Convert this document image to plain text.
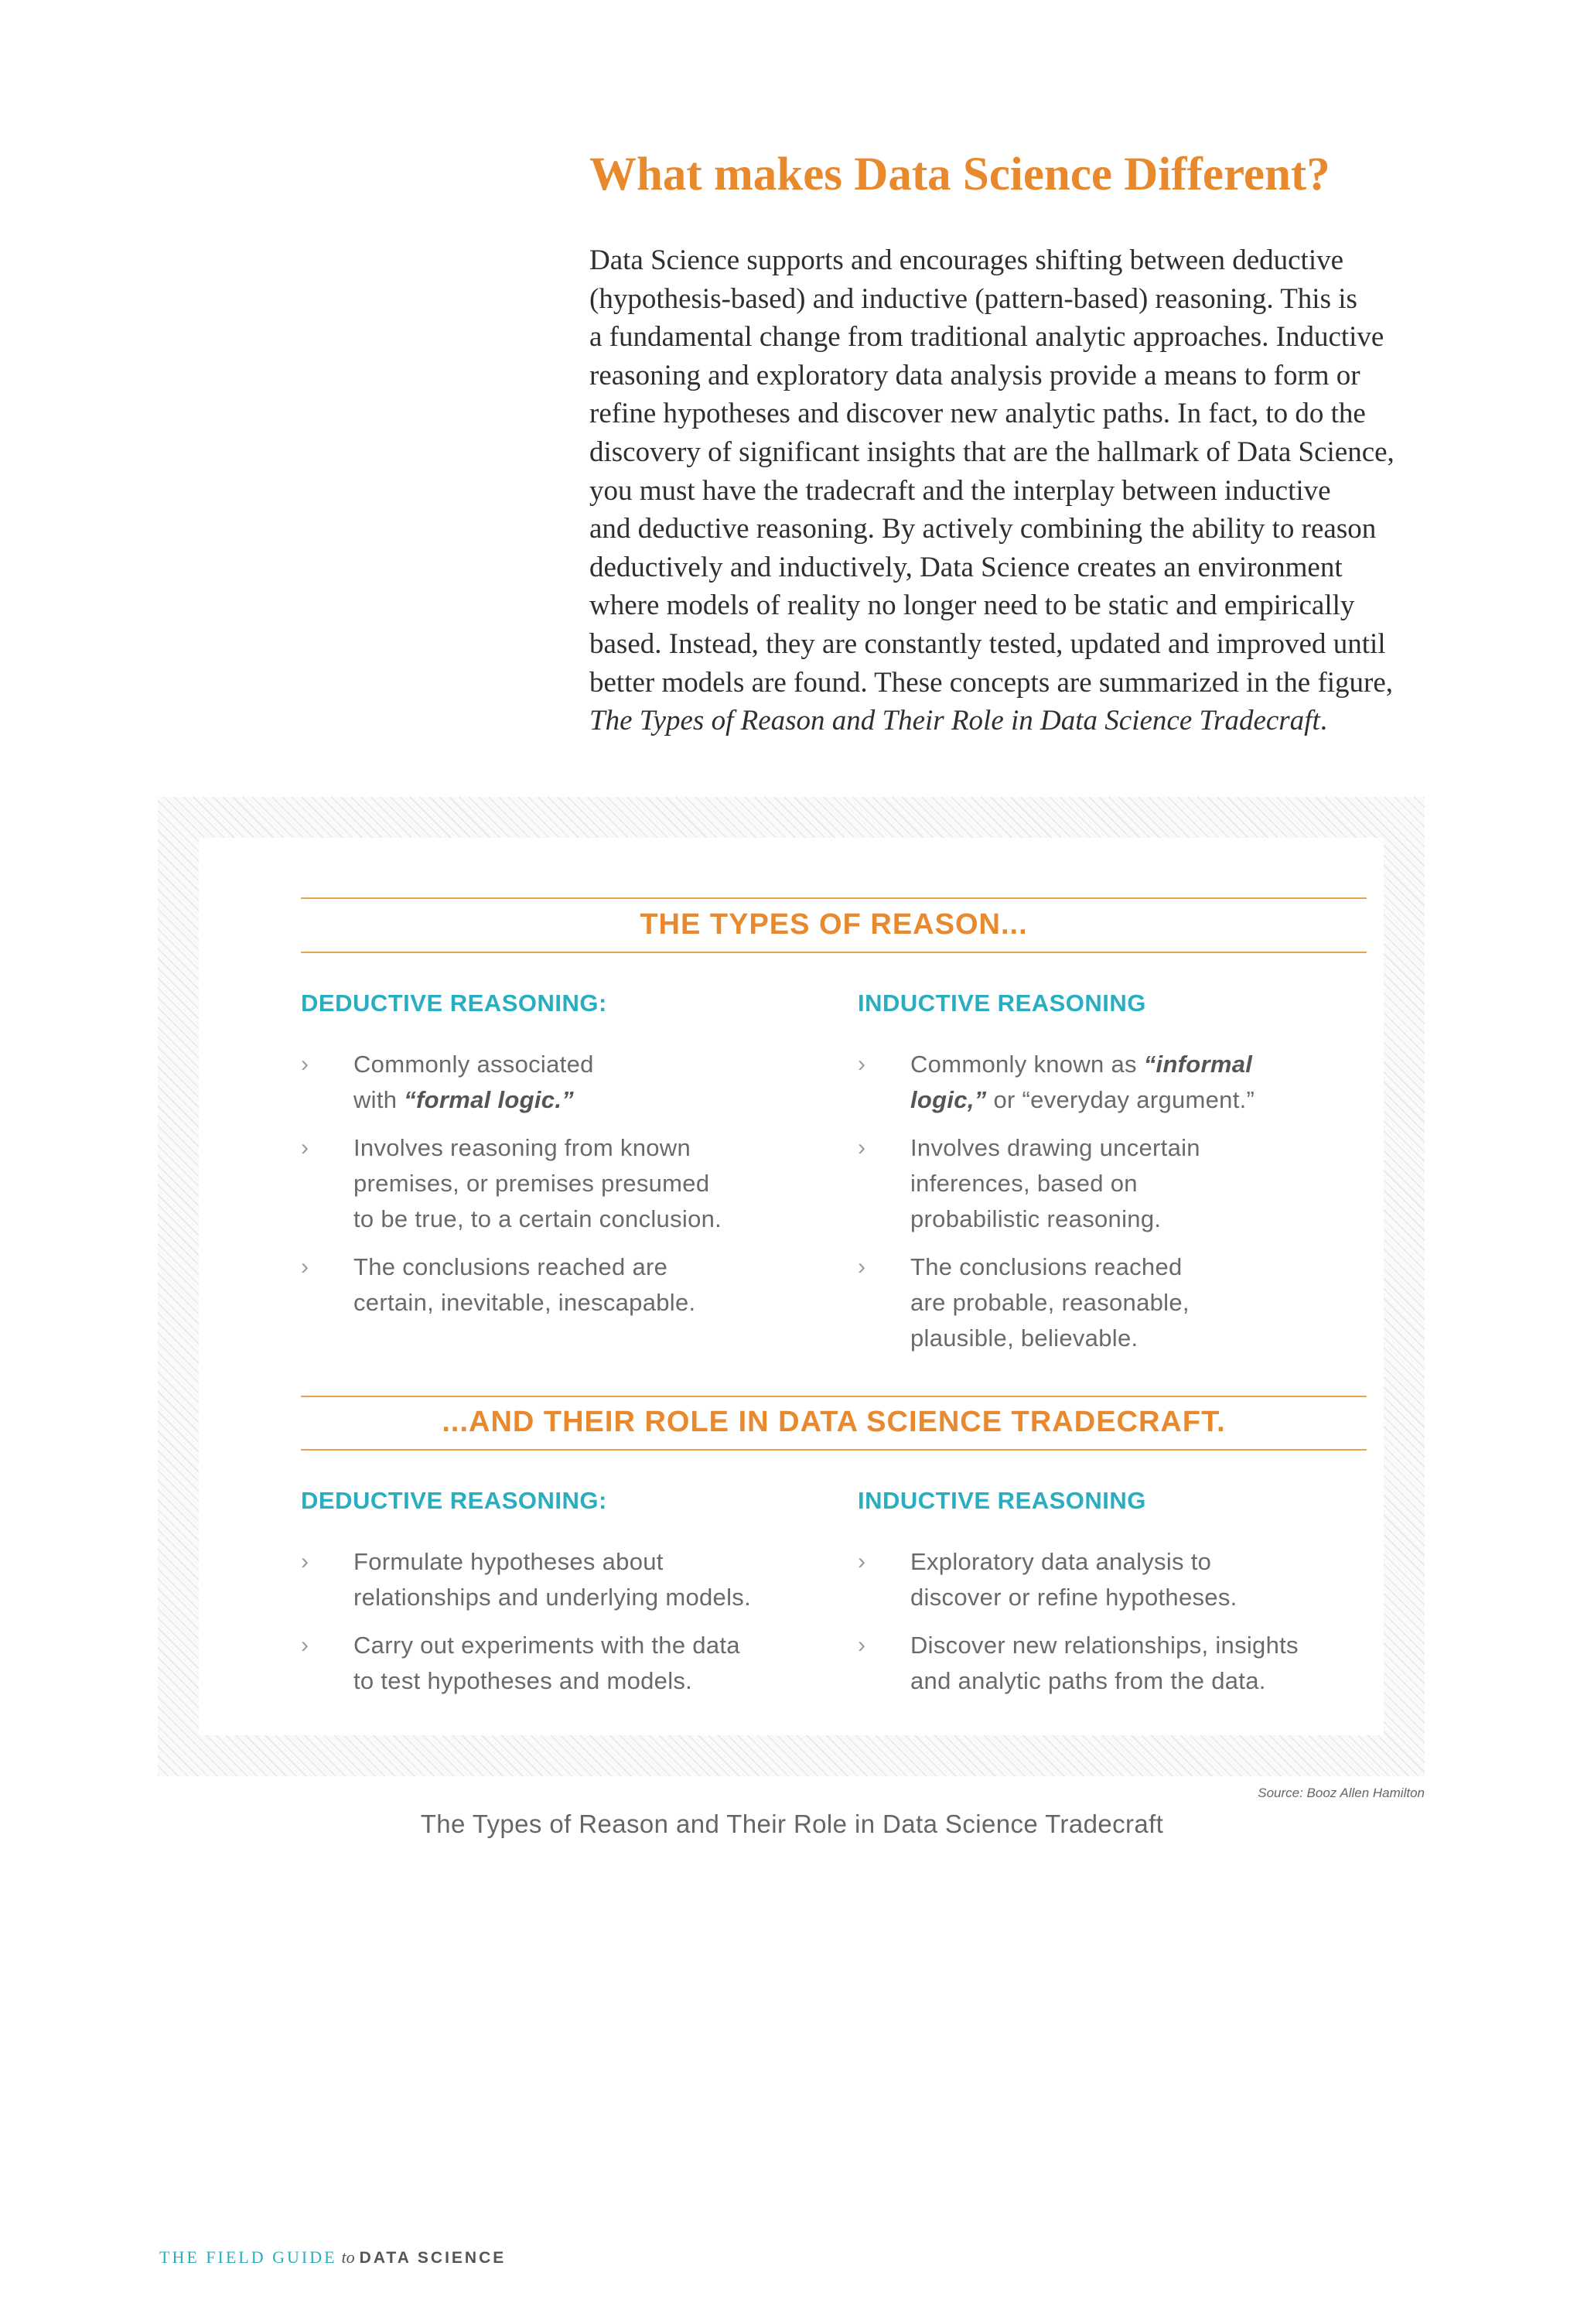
What makes Data Science Different?

Data Science supports and encourages shifting between deductive
(hypothesis-based) and inductive (pattern-based) reasoning. This is
a fundamental change from traditional analytic approaches. Inductive
reasoning and exploratory data analysis provide a means to form or
refine hypotheses and discover new analytic paths. In fact, to do the
discovery of significant insights that are the hallmark of Data Science,
you must have the tradecraft and the interplay between inductive
and deductive reasoning. By actively combining the ability to reason
deductively and inductively, Data Science creates an environment
where models of reality no longer need to be static and empirically
based. Instead, they are constantly tested, updated and improved until
better models are found. These concepts are summarized in the figure,
The Types of Reason and Their Role in Data Science Tradecraft.

THE TYPES OF REASON...
DEDUCTIVE REASONING:	INDUCTIVE REASONING
› Commonly associated
with “formal logic.”
› Involves reasoning from known
premises, or premises presumed
to be true, to a certain conclusion.
› The conclusions reached are
certain, inevitable, inescapable.
› Commonly known as “informal
logic,” or “everyday argument.”
› Involves drawing uncertain
inferences, based on
probabilistic reasoning.
› The conclusions reached
are probable, reasonable,
plausible, believable.
...AND THEIR ROLE IN DATA SCIENCE TRADECRAFT.
DEDUCTIVE REASONING:	INDUCTIVE REASONING
› Formulate hypotheses about
relationships and underlying models.
› Carry out experiments with the data
to test hypotheses and models.
› Exploratory data analysis to
discover or refine hypotheses.
› Discover new relationships, insights
and analytic paths from the data.

Source: Booz Allen Hamilton

The Types of Reason and Their Role in Data Science Tradecraft

THE FIELD GUIDE to DATA SCIENCE
